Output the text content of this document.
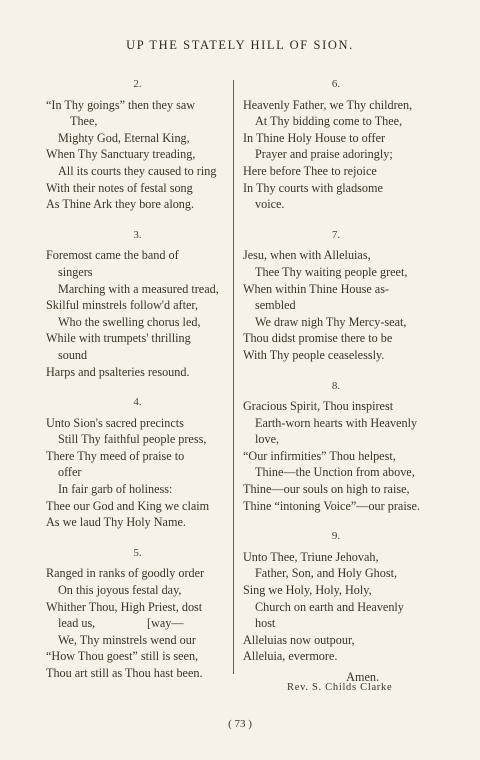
UP THE STATELY HILL OF SION.
2.
“In Thy goings” then they saw
Thee,
Mighty God, Eternal King,
When Thy Sanctuary treading,
All its courts they caused to ring
With their notes of festal song
As Thine Ark they bore along.
3.
Foremost came the band of
singers
Marching with a measured tread,
Skilful minstrels follow'd after,
Who the swelling chorus led,
While with trumpets' thrilling
sound
Harps and psalteries resound.
4.
Unto Sion's sacred precincts
Still Thy faithful people press,
There Thy meed of praise to
offer
In fair garb of holiness:
Thee our God and King we claim
As we laud Thy Holy Name.
5.
Ranged in ranks of goodly order
On this joyous festal day,
Whither Thou, High Priest, dost
lead us,                 [way—
We, Thy minstrels wend our
“How Thou goest” still is seen,
Thou art still as Thou hast been.
6.
Heavenly Father, we Thy children,
At Thy bidding come to Thee,
In Thine Holy House to offer
Prayer and praise adoringly;
Here before Thee to rejoice
In Thy courts with gladsome
voice.
7.
Jesu, when with Alleluias,
Thee Thy waiting people greet,
When within Thine House as-
sembled
We draw nigh Thy Mercy-seat,
Thou didst promise there to be
With Thy people ceaselessly.
8.
Gracious Spirit, Thou inspirest
Earth-worn hearts with Heavenly
love,
“Our infirmities” Thou helpest,
Thine—the Unction from above,
Thine—our souls on high to raise,
Thine “intoning Voice”—our praise.
9.
Unto Thee, Triune Jehovah,
Father, Son, and Holy Ghost,
Sing we Holy, Holy, Holy,
Church on earth and Heavenly
host
Alleluias now outpour,
Alleluia, evermore.
Amen.
Rev. S. Childs Clarke
( 73 )
